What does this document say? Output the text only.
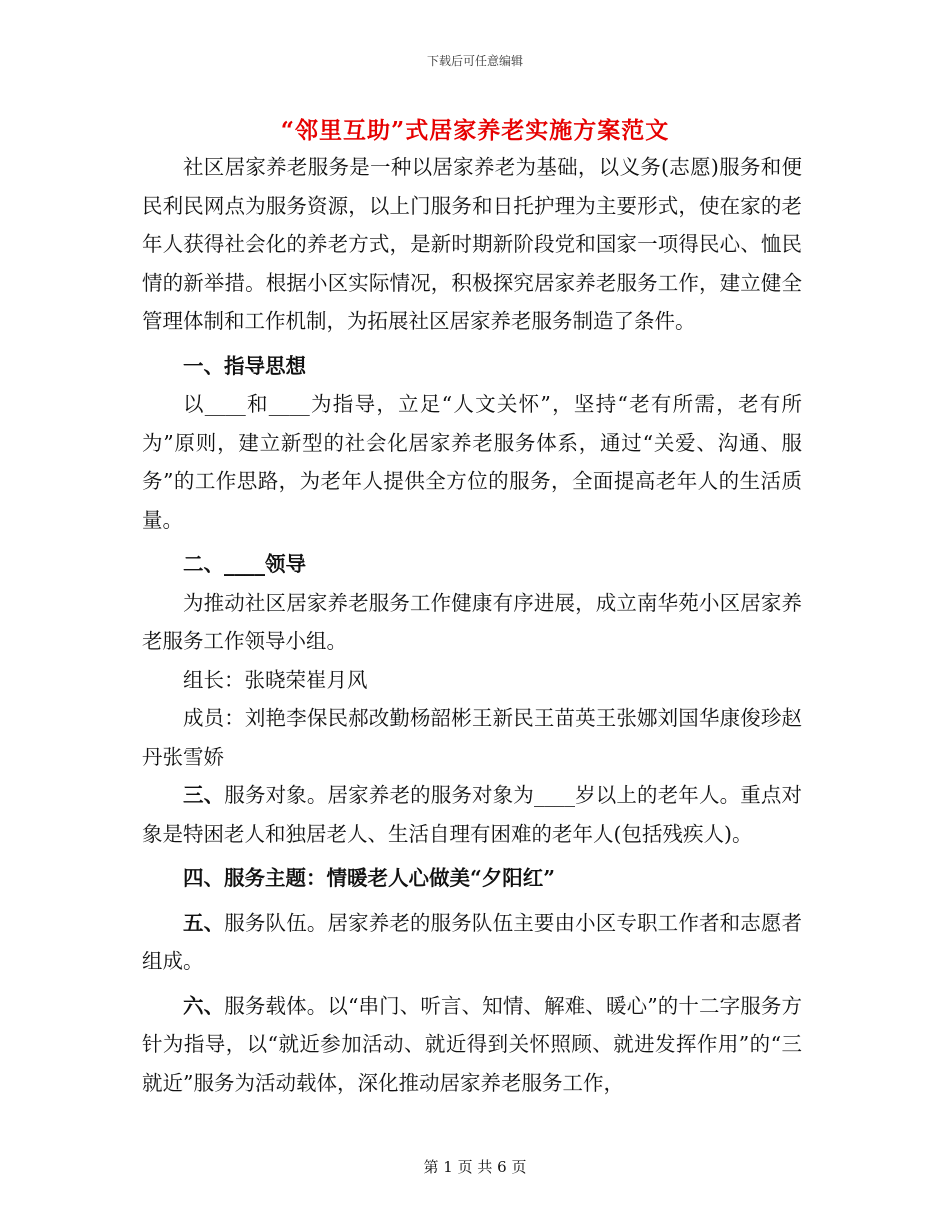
下载后可任意编辑
“邻里互助”式居家养老实施方案范文

社区居家养老服务是一种以居家养老为基础，以义务(志愿)服务和便民利民网点为服务资源，以上门服务和日托护理为主要形式，使在家的老年人获得社会化的养老方式，是新时期新阶段党和国家一项得民心、恤民情的新举措。根据小区实际情况，积极探究居家养老服务工作，建立健全管理体制和工作机制，为拓展社区居家养老服务制造了条件。

一、指导思想

以____和____为指导，立足“人文关怀”，坚持“老有所需，老有所为”原则，建立新型的社会化居家养老服务体系，通过“关爱、沟通、服务”的工作思路，为老年人提供全方位的服务，全面提高老年人的生活质量。

二、____领导

为推动社区居家养老服务工作健康有序进展，成立南华苑小区居家养老服务工作领导小组。

组长：张晓荣崔月风

成员：刘艳李保民郝改勤杨韶彬王新民王苗英王张娜刘国华康俊珍赵丹张雪娇

三、服务对象。居家养老的服务对象为____岁以上的老年人。重点对象是特困老人和独居老人、生活自理有困难的老年人(包括残疾人)。

四、服务主题：情暖老人心做美“夕阳红”

五、服务队伍。居家养老的服务队伍主要由小区专职工作者和志愿者组成。

六、服务载体。以“串门、听言、知情、解难、暖心”的十二字服务方针为指导，以“就近参加活动、就近得到关怀照顾、就进发挥作用”的“三就近”服务为活动载体，深化推动居家养老服务工作，

第 1 页 共 6 页
